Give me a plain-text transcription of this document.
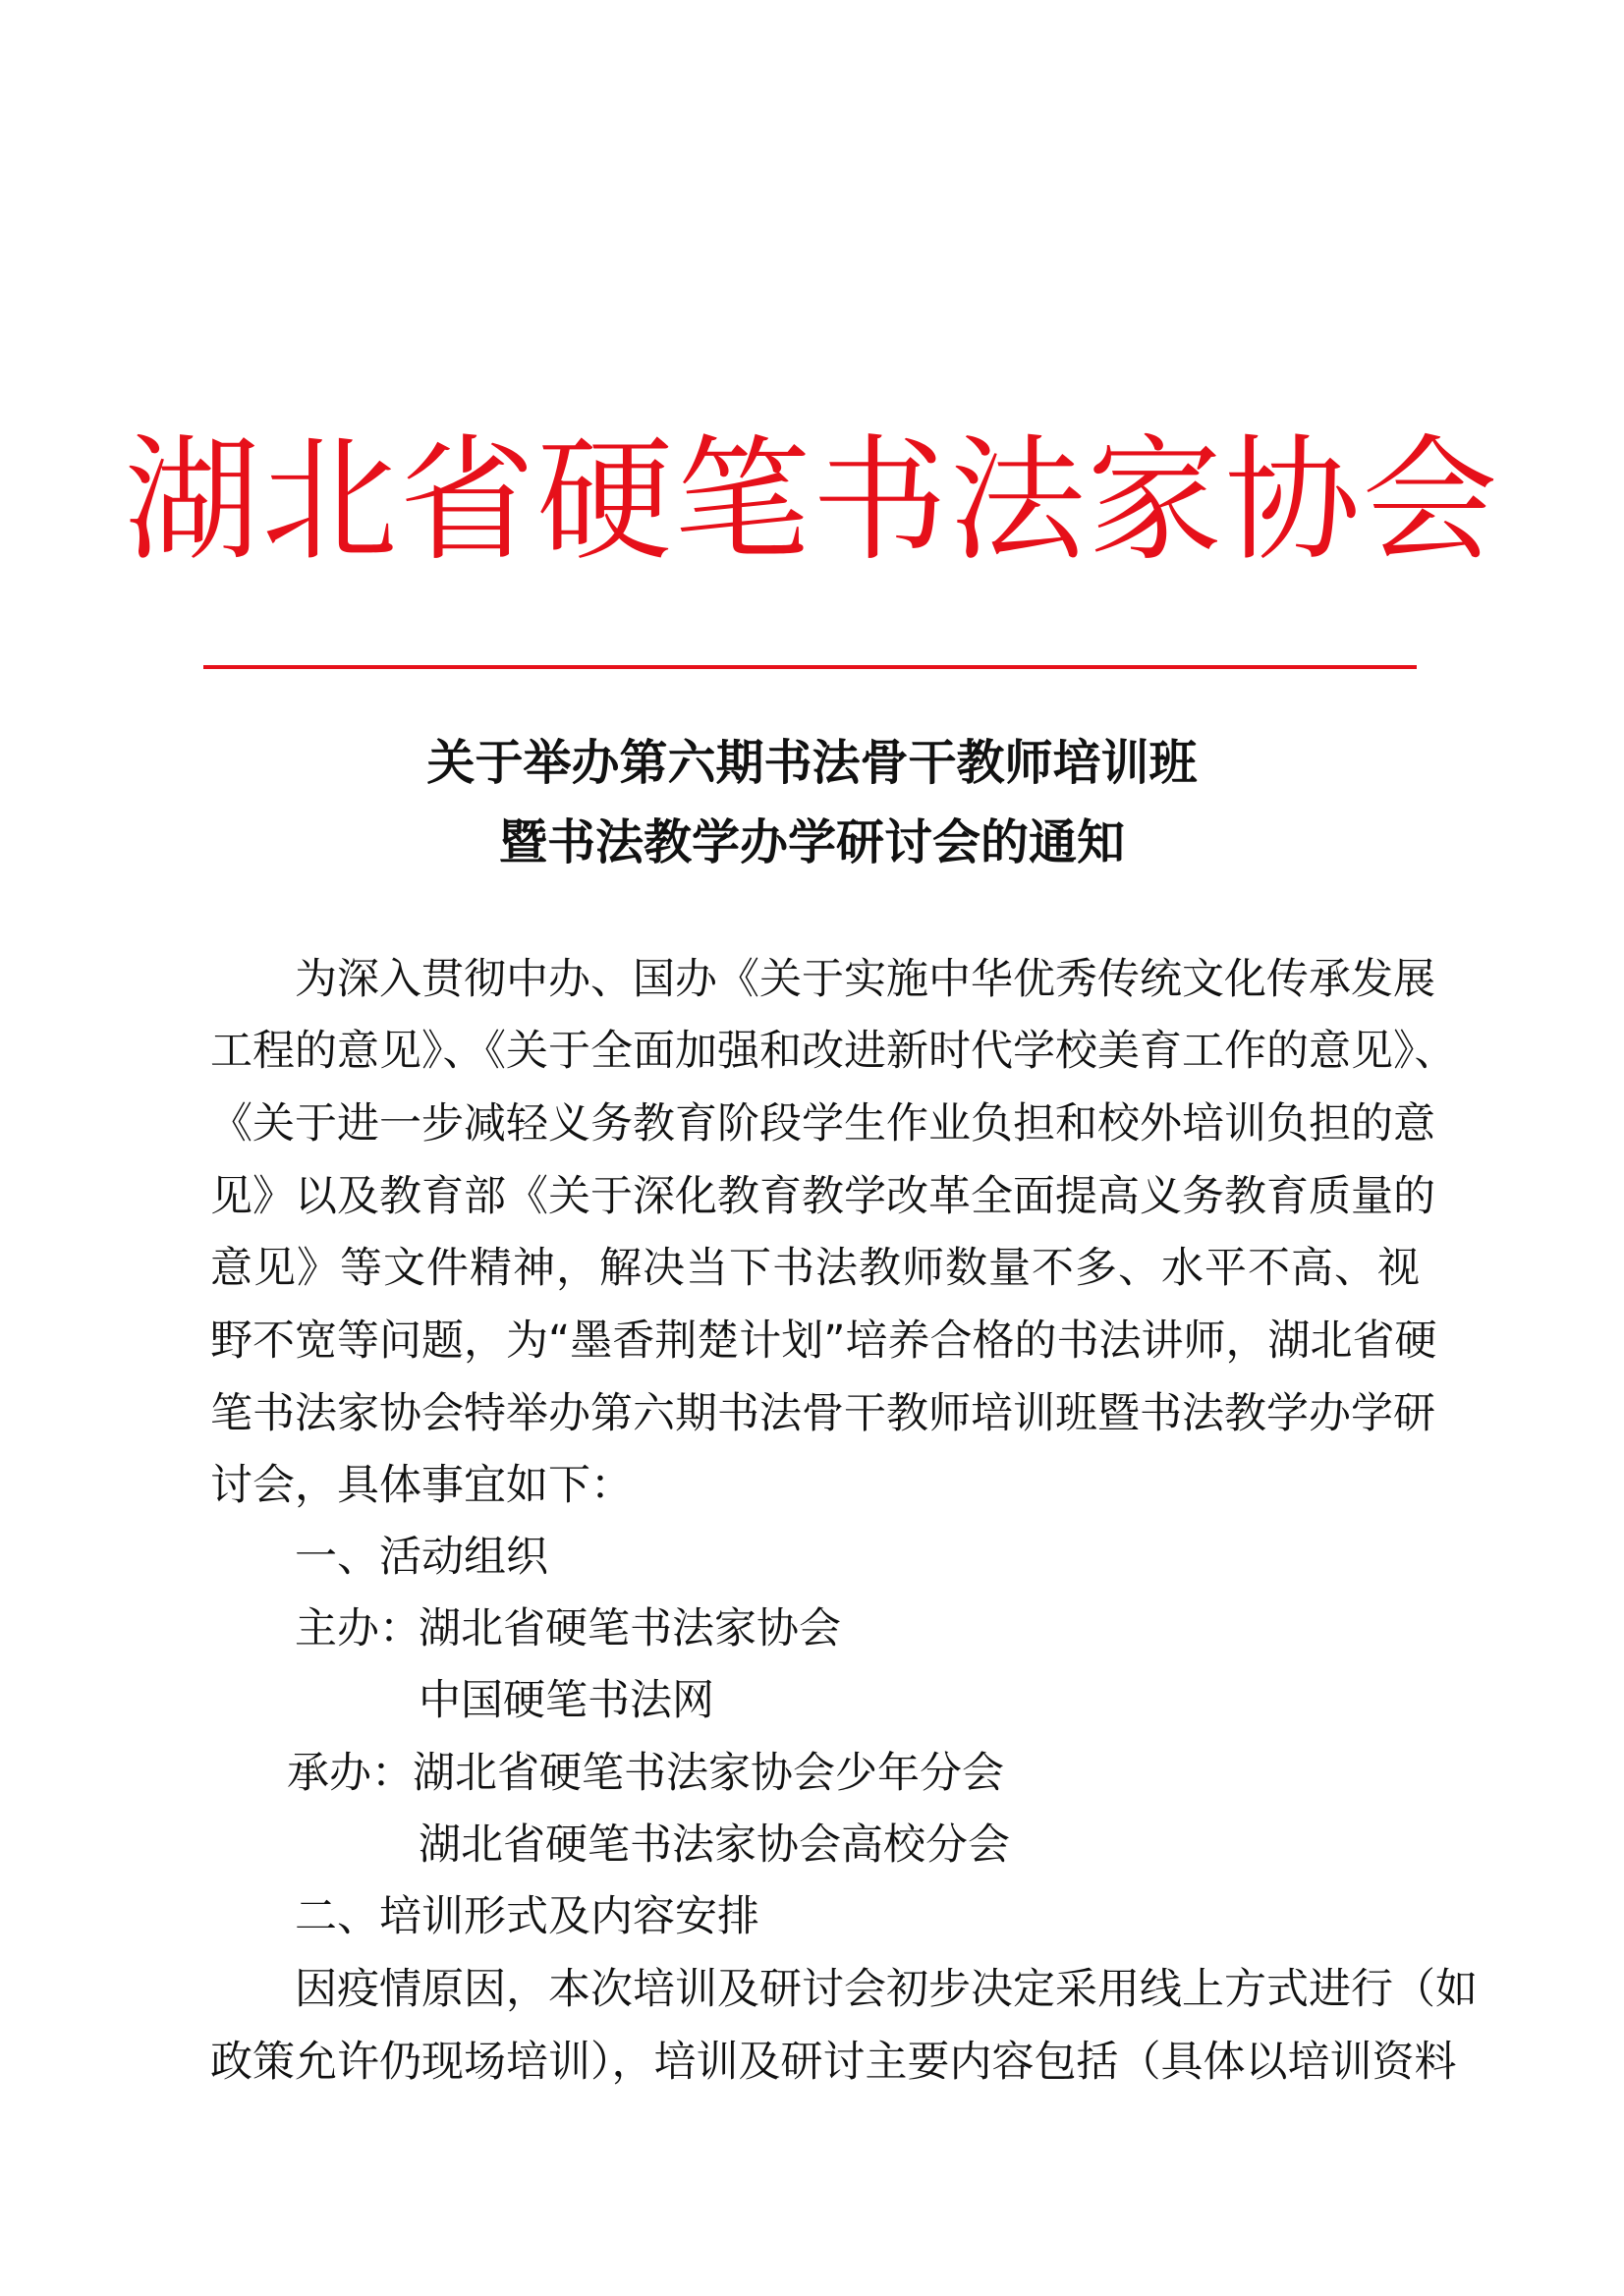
湖北省硬笔书法家协会
关于举办第六期书法骨干教师培训班
暨书法教学办学研讨会的通知
为深入贯彻中办、国办《关于实施中华优秀传统文化传承发展
工程的意见》、《关于全面加强和改进新时代学校美育工作的意见》、
《关于进一步减轻义务教育阶段学生作业负担和校外培训负担的意
见》以及教育部《关于深化教育教学改革全面提高义务教育质量的
意见》等文件精神，解决当下书法教师数量不多、水平不高、视
野不宽等问题，为“墨香荆楚计划”培养合格的书法讲师，湖北省硬
笔书法家协会特举办第六期书法骨干教师培训班暨书法教学办学研
讨会，具体事宜如下：
一、活动组织
主办：
湖北省硬笔书法家协会
中国硬笔书法网
承办： 湖北省硬笔书法家协会少年分会
湖北省硬笔书法家协会高校分会
二、培训形式及内容安排
因疫情原因，本次培训及研讨会初步决定采用线上方式进行（如
政策允许仍现场培训），培训及研讨主要内容包括（具体以培训资料
